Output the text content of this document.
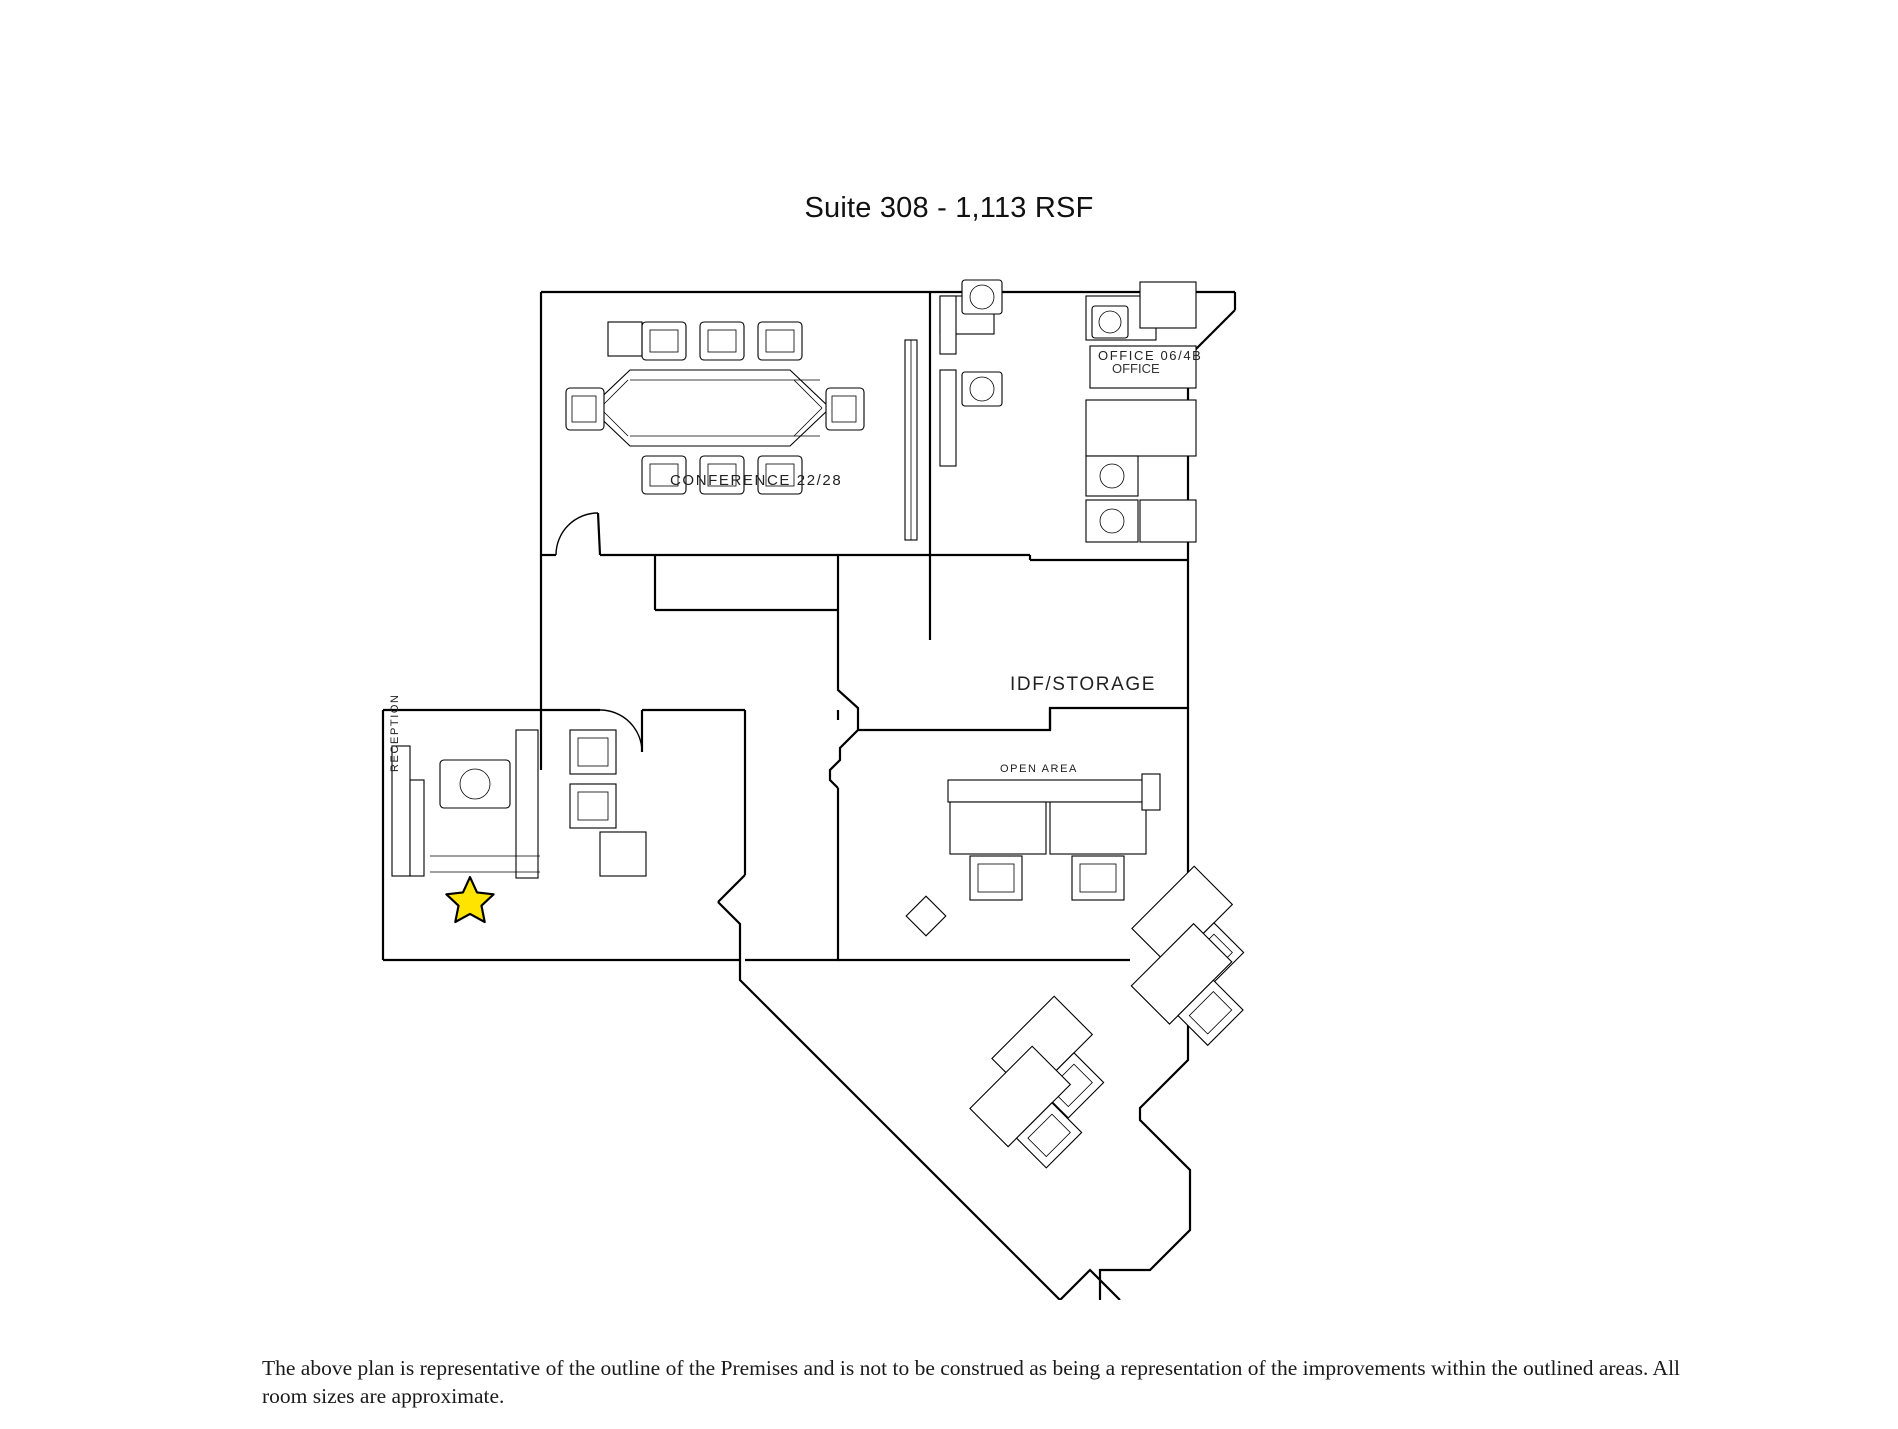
Suite 308 - 1,113 RSF
OFFICE
CONFERENCE 22/28
IDF/STORAGE
OFFICE 06/4B
RECEPTION	OPEN AREA
The above plan is representative of the outline of the Premises and is not to be construed as being a representation of the improvements within the outlined areas. All room sizes are approximate.
